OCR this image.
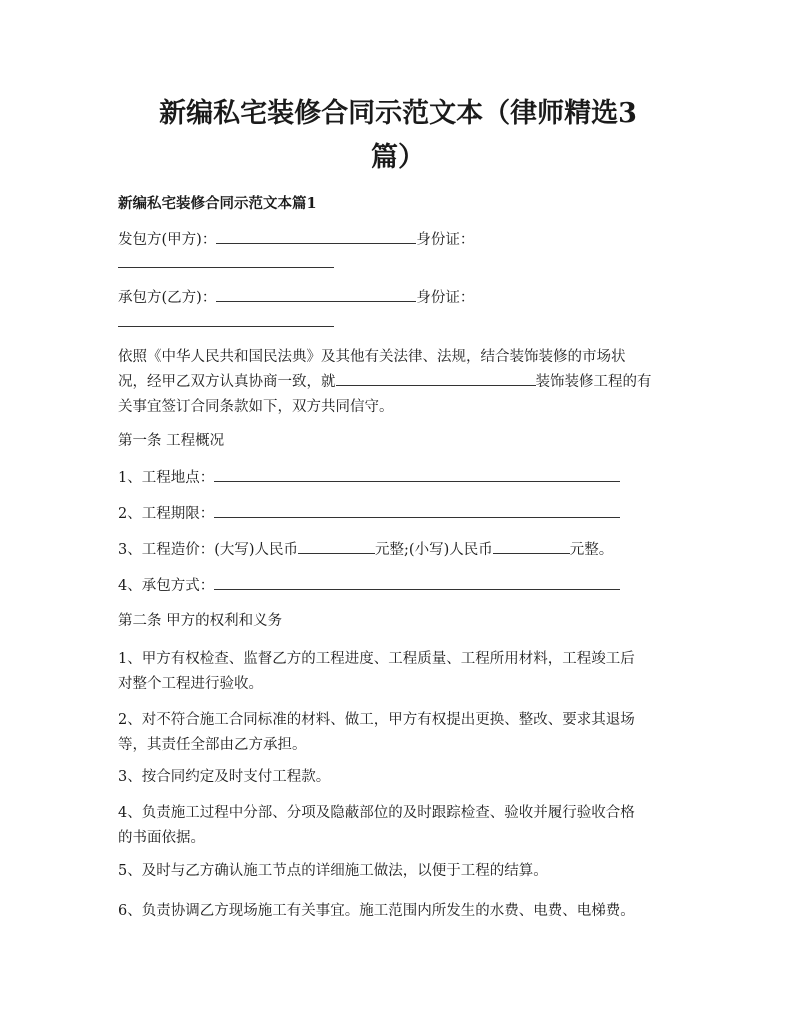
新编私宅装修合同示范文本（律师精选3
篇）
新编私宅装修合同示范文本篇1
发包方(甲方)：	身份证：
承包方(乙方)：	身份证：
依照《中华人民共和国民法典》及其他有关法律、法规，结合装饰装修的市场状
况，经甲乙双方认真协商一致，就	装饰装修工程的有
关事宜签订合同条款如下，双方共同信守。
第一条 工程概况
1、工程地点：
2、工程期限：
3、工程造价：(大写)人民币	元整;(小写)人民币	元整。
4、承包方式：
第二条 甲方的权利和义务
1、甲方有权检查、监督乙方的工程进度、工程质量、工程所用材料，工程竣工后
对整个工程进行验收。
2、对不符合施工合同标准的材料、做工，甲方有权提出更换、整改、要求其退场
等，其责任全部由乙方承担。
3、按合同约定及时支付工程款。
4、负责施工过程中分部、分项及隐蔽部位的及时跟踪检查、验收并履行验收合格
的书面依据。
5、及时与乙方确认施工节点的详细施工做法，以便于工程的结算。
6、负责协调乙方现场施工有关事宜。施工范围内所发生的水费、电费、电梯费。
